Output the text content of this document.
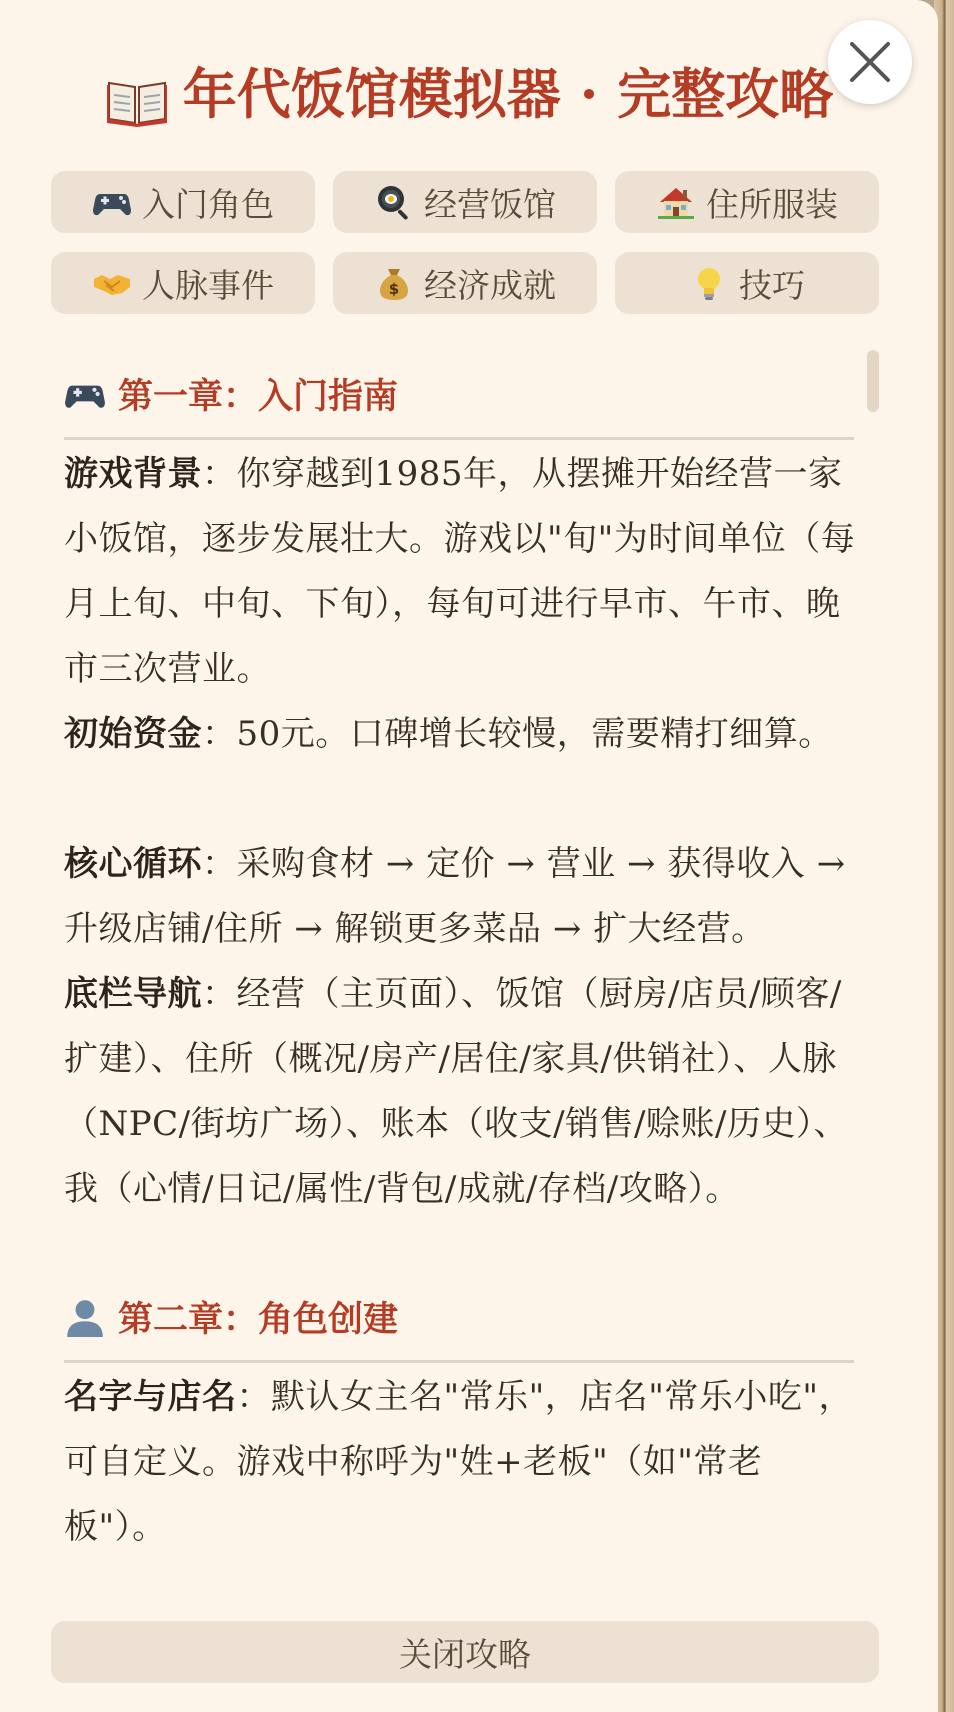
年代饭馆模拟器 · 完整攻略
入门角色	经营饭馆	住所服装
人脉事件	$ 经济成就	技巧
第一章：入门指南
游戏背景：你穿越到1985年，从摆摊开始经营一家小饭馆，逐步发展壮大。游戏以"旬"为时间单位（每月上旬、中旬、下旬），每旬可进行早市、午市、晚市三次营业。
初始资金：50元。口碑增长较慢，需要精打细算。
核心循环：采购食材 → 定价 → 营业 → 获得收入 → 升级店铺/住所 → 解锁更多菜品 → 扩大经营。
底栏导航：经营（主页面）、饭馆（厨房/店员/顾客/扩建）、住所（概况/房产/居住/家具/供销社）、人脉（NPC/街坊广场）、账本（收支/销售/赊账/历史）、我（心情/日记/属性/背包/成就/存档/攻略）。
第二章：角色创建
名字与店名：默认女主名"常乐"，店名"常乐小吃"，可自定义。游戏中称呼为"姓+老板"（如"常老板"）。
关闭攻略
